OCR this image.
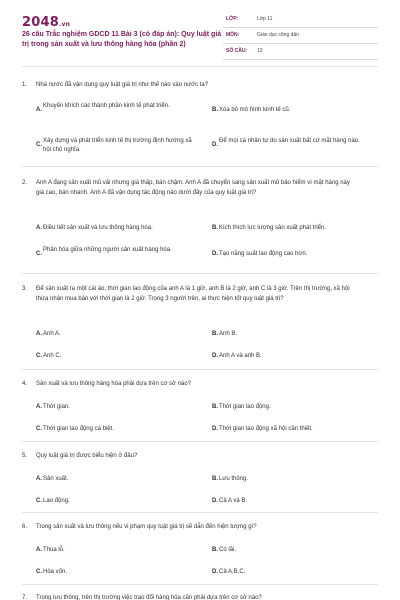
2048.vn
26 câu Trắc nghiệm GDCD 11 Bài 3 (có đáp án): Quy luật giá trị trong sản xuất và lưu thông hàng hóa (phần 2)
LỚP:	Lớp 11
MÔN:	Giáo dục công dân
SỐ CÂU: 13
1. Nhà nước đã vận dụng quy luật giá trị như thế nào vào nước ta?
A.
Khuyến khích các thành phần kinh tế phát triển.
B. Xóa bỏ mô hình kinh tế cũ.
C.
Xây dựng và phát triển kinh tế thị trường định hướng xã hội chủ nghĩa.
D.
Để mọi cá nhân tự do sản xuất bất cứ mặt hàng nào.
2. Anh A đang sản xuất mũ vải nhưng giá thấp, bán chậm. Anh A đã chuyển sang sản xuất mũ bảo hiểm vì mặt hàng này giá cao, bán nhanh. Anh A đã vận dụng tác động nào dưới đây của quy luật giá trị?
A. Điều tiết sản xuất và lưu thông hàng hóa.	B. Kích thích lực lượng sản xuất phát triển.
C.
Phân hóa giữa những người sản xuất hàng hóa.
D. Tạo năng suất lao động cao hơn.
3. Để sản xuất ra một cái áo, thời gian lao động của anh A là 1 giờ, anh B là 2 giờ, anh C là 3 giờ. Trên thị trường, xã hội thừa nhận mua bán với thời gian là 2 giờ. Trong 3 người trên, ai thực hiện tốt quy luật giá trị?
A. Anh A.	B. Anh B.
C. Anh C.	D. Anh A và anh B.
4. Sản xuất và lưu thông hàng hóa phải dựa trên cơ sở nào?
A. Thời gian.	B. Thời gian lao động.
C. Thời gian lao động cá biệt.	D. Thời gian lao động xã hội cần thiết.
5. Quy luật giá trị được biểu hiện ở đâu?
A. Sản xuất.	B. Lưu thông.
C. Lao động.	D. Cả A và B.
6. Trong sản xuất và lưu thông nếu vi phạm quy luật giá trị sẽ dẫn đến hiện tượng gì?
A. Thua lỗ.	B. Có lãi.
C. Hòa vốn.	D. Cả A,B,C.
7. Trong lưu thông, trên thị trường việc trao đổi hàng hóa cần phải dựa trên cơ sở nào?
